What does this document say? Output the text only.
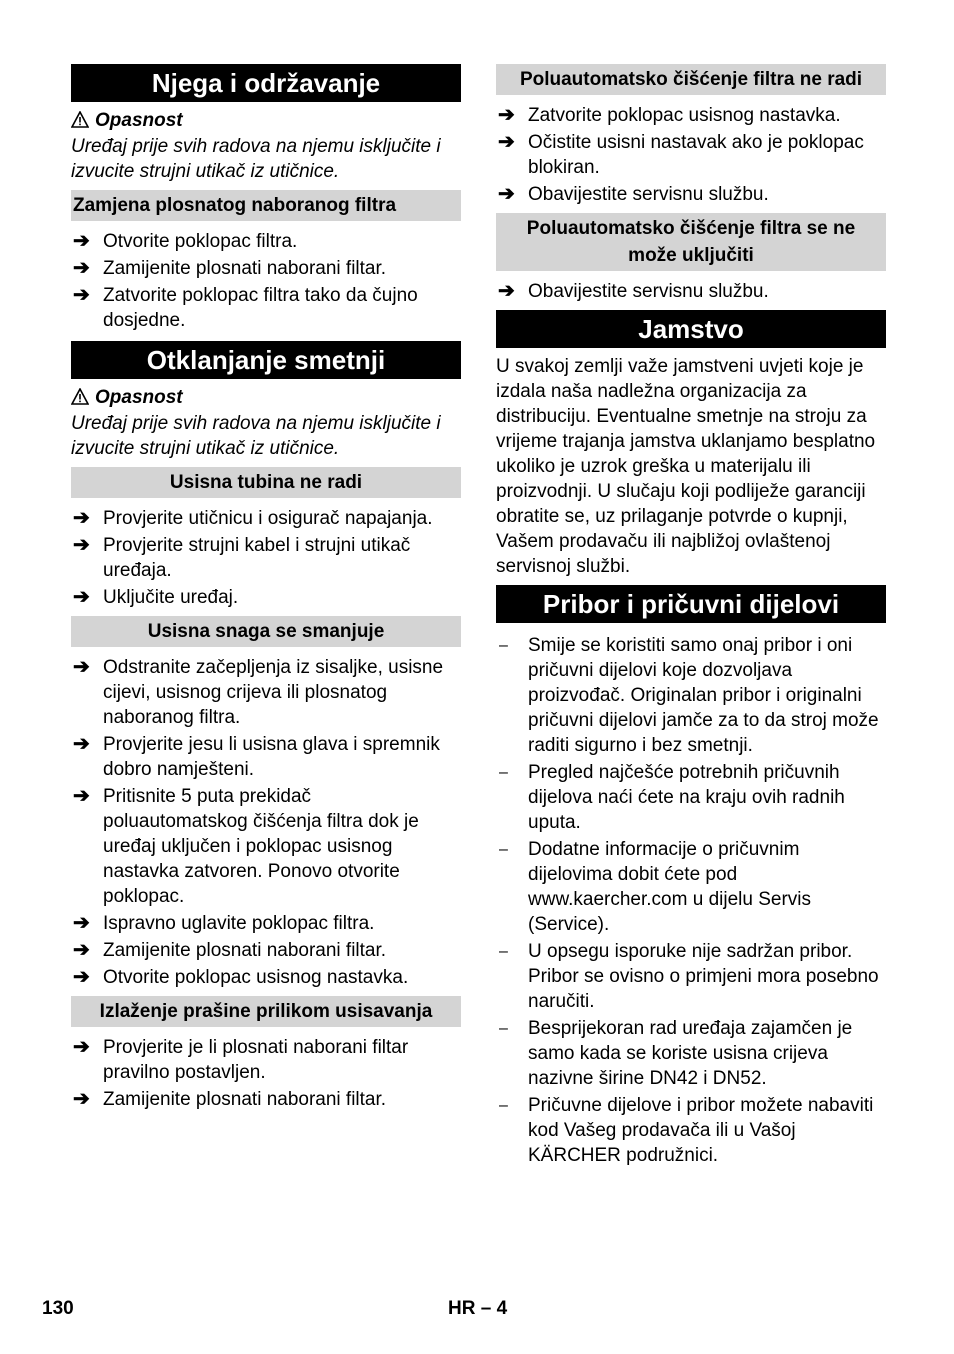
Njega i održavanje
Opasnost
Uređaj prije svih radova na njemu isključite i izvucite strujni utikač iz utičnice.
Zamjena plosnatog naboranog filtra
➔ Otvorite poklopac filtra.
➔ Zamijenite plosnati naborani filtar.
➔ Zatvorite poklopac filtra tako da čujno dosjedne.
Otklanjanje smetnji
Opasnost
Uređaj prije svih radova na njemu isključite i izvucite strujni utikač iz utičnice.
Usisna tubina ne radi
➔ Provjerite utičnicu i osigurač napajanja.
➔ Provjerite strujni kabel i strujni utikač uređaja.
➔ Uključite uređaj.
Usisna snaga se smanjuje
➔ Odstranite začepljenja iz sisaljke, usisne cijevi, usisnog crijeva ili plosnatog naboranog filtra.
➔ Provjerite jesu li usisna glava i spremnik dobro namješteni.
➔ Pritisnite 5 puta prekidač poluautomatskog čišćenja filtra dok je uređaj uključen i poklopac usisnog nastavka zatvoren. Ponovo otvorite poklopac.
➔ Ispravno uglavite poklopac filtra.
➔ Zamijenite plosnati naborani filtar.
➔ Otvorite poklopac usisnog nastavka.
Izlaženje prašine prilikom usisavanja
➔ Provjerite je li plosnati naborani filtar pravilno postavljen.
➔ Zamijenite plosnati naborani filtar.
Poluautomatsko čišćenje filtra ne radi
➔ Zatvorite poklopac usisnog nastavka.
➔ Očistite usisni nastavak ako je poklopac blokiran.
➔ Obavijestite servisnu službu.
Poluautomatsko čišćenje filtra se ne može uključiti
➔ Obavijestite servisnu službu.
Jamstvo

U svakoj zemlji važe jamstveni uvjeti koje je izdala naša nadležna organizacija za distribuciju. Eventualne smetnje na stroju za vrijeme trajanja jamstva uklanjamo besplatno ukoliko je uzrok greška u materijalu ili proizvodnji. U slučaju koji podliježe garanciji obratite se, uz prilaganje potvrde o kupnji, Vašem prodavaču ili najbližoj ovlaštenoj servisnoj službi.

Pribor i pričuvni dijelovi
– Smije se koristiti samo onaj pribor i oni pričuvni dijelovi koje dozvoljava proizvođač. Originalan pribor i originalni pričuvni dijelovi jamče za to da stroj može raditi sigurno i bez smetnji.
– Pregled najčešće potrebnih pričuvnih dijelova naći ćete na kraju ovih radnih uputa.
– Dodatne informacije o pričuvnim dijelovima dobit ćete pod www.kaercher.com u dijelu Servis (Service).
– U opsegu isporuke nije sadržan pribor. Pribor se ovisno o primjeni mora posebno naručiti.
– Besprijekoran rad uređaja zajamčen je samo kada se koriste usisna crijeva nazivne širine DN42 i DN52.
– Pričuvne dijelove i pribor možete nabaviti kod Vašeg prodavača ili u Vašoj KÄRCHER podružnici.
130	HR – 4
